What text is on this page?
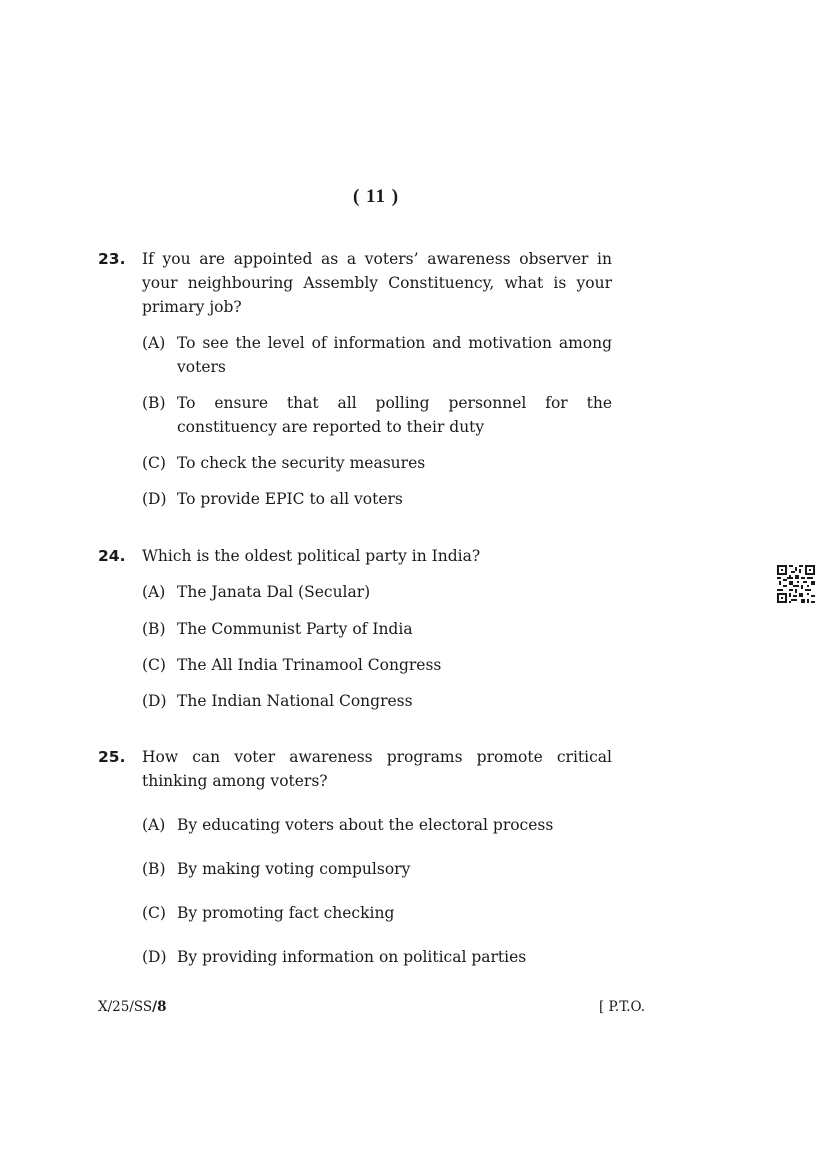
( 11 )
23.	If you are appointed as a voters’ awareness observer in your neighbouring Assembly Constituency, what is your primary job?
(A) To see the level of information and motivation among voters
(B) To ensure that all polling personnel for the constituency are reported to their duty
(C) To check the security measures
(D) To provide EPIC to all voters
24.	Which is the oldest political party in India?
(A) The Janata Dal (Secular)
(B) The Communist Party of India
(C) The All India Trinamool Congress
(D) The Indian National Congress
25.	How can voter awareness programs promote critical thinking among voters?
(A) By educating voters about the electoral process
(B) By making voting compulsory
(C) By promoting fact checking
(D) By providing information on political parties
X/25/SS/8	[ P.T.O.
